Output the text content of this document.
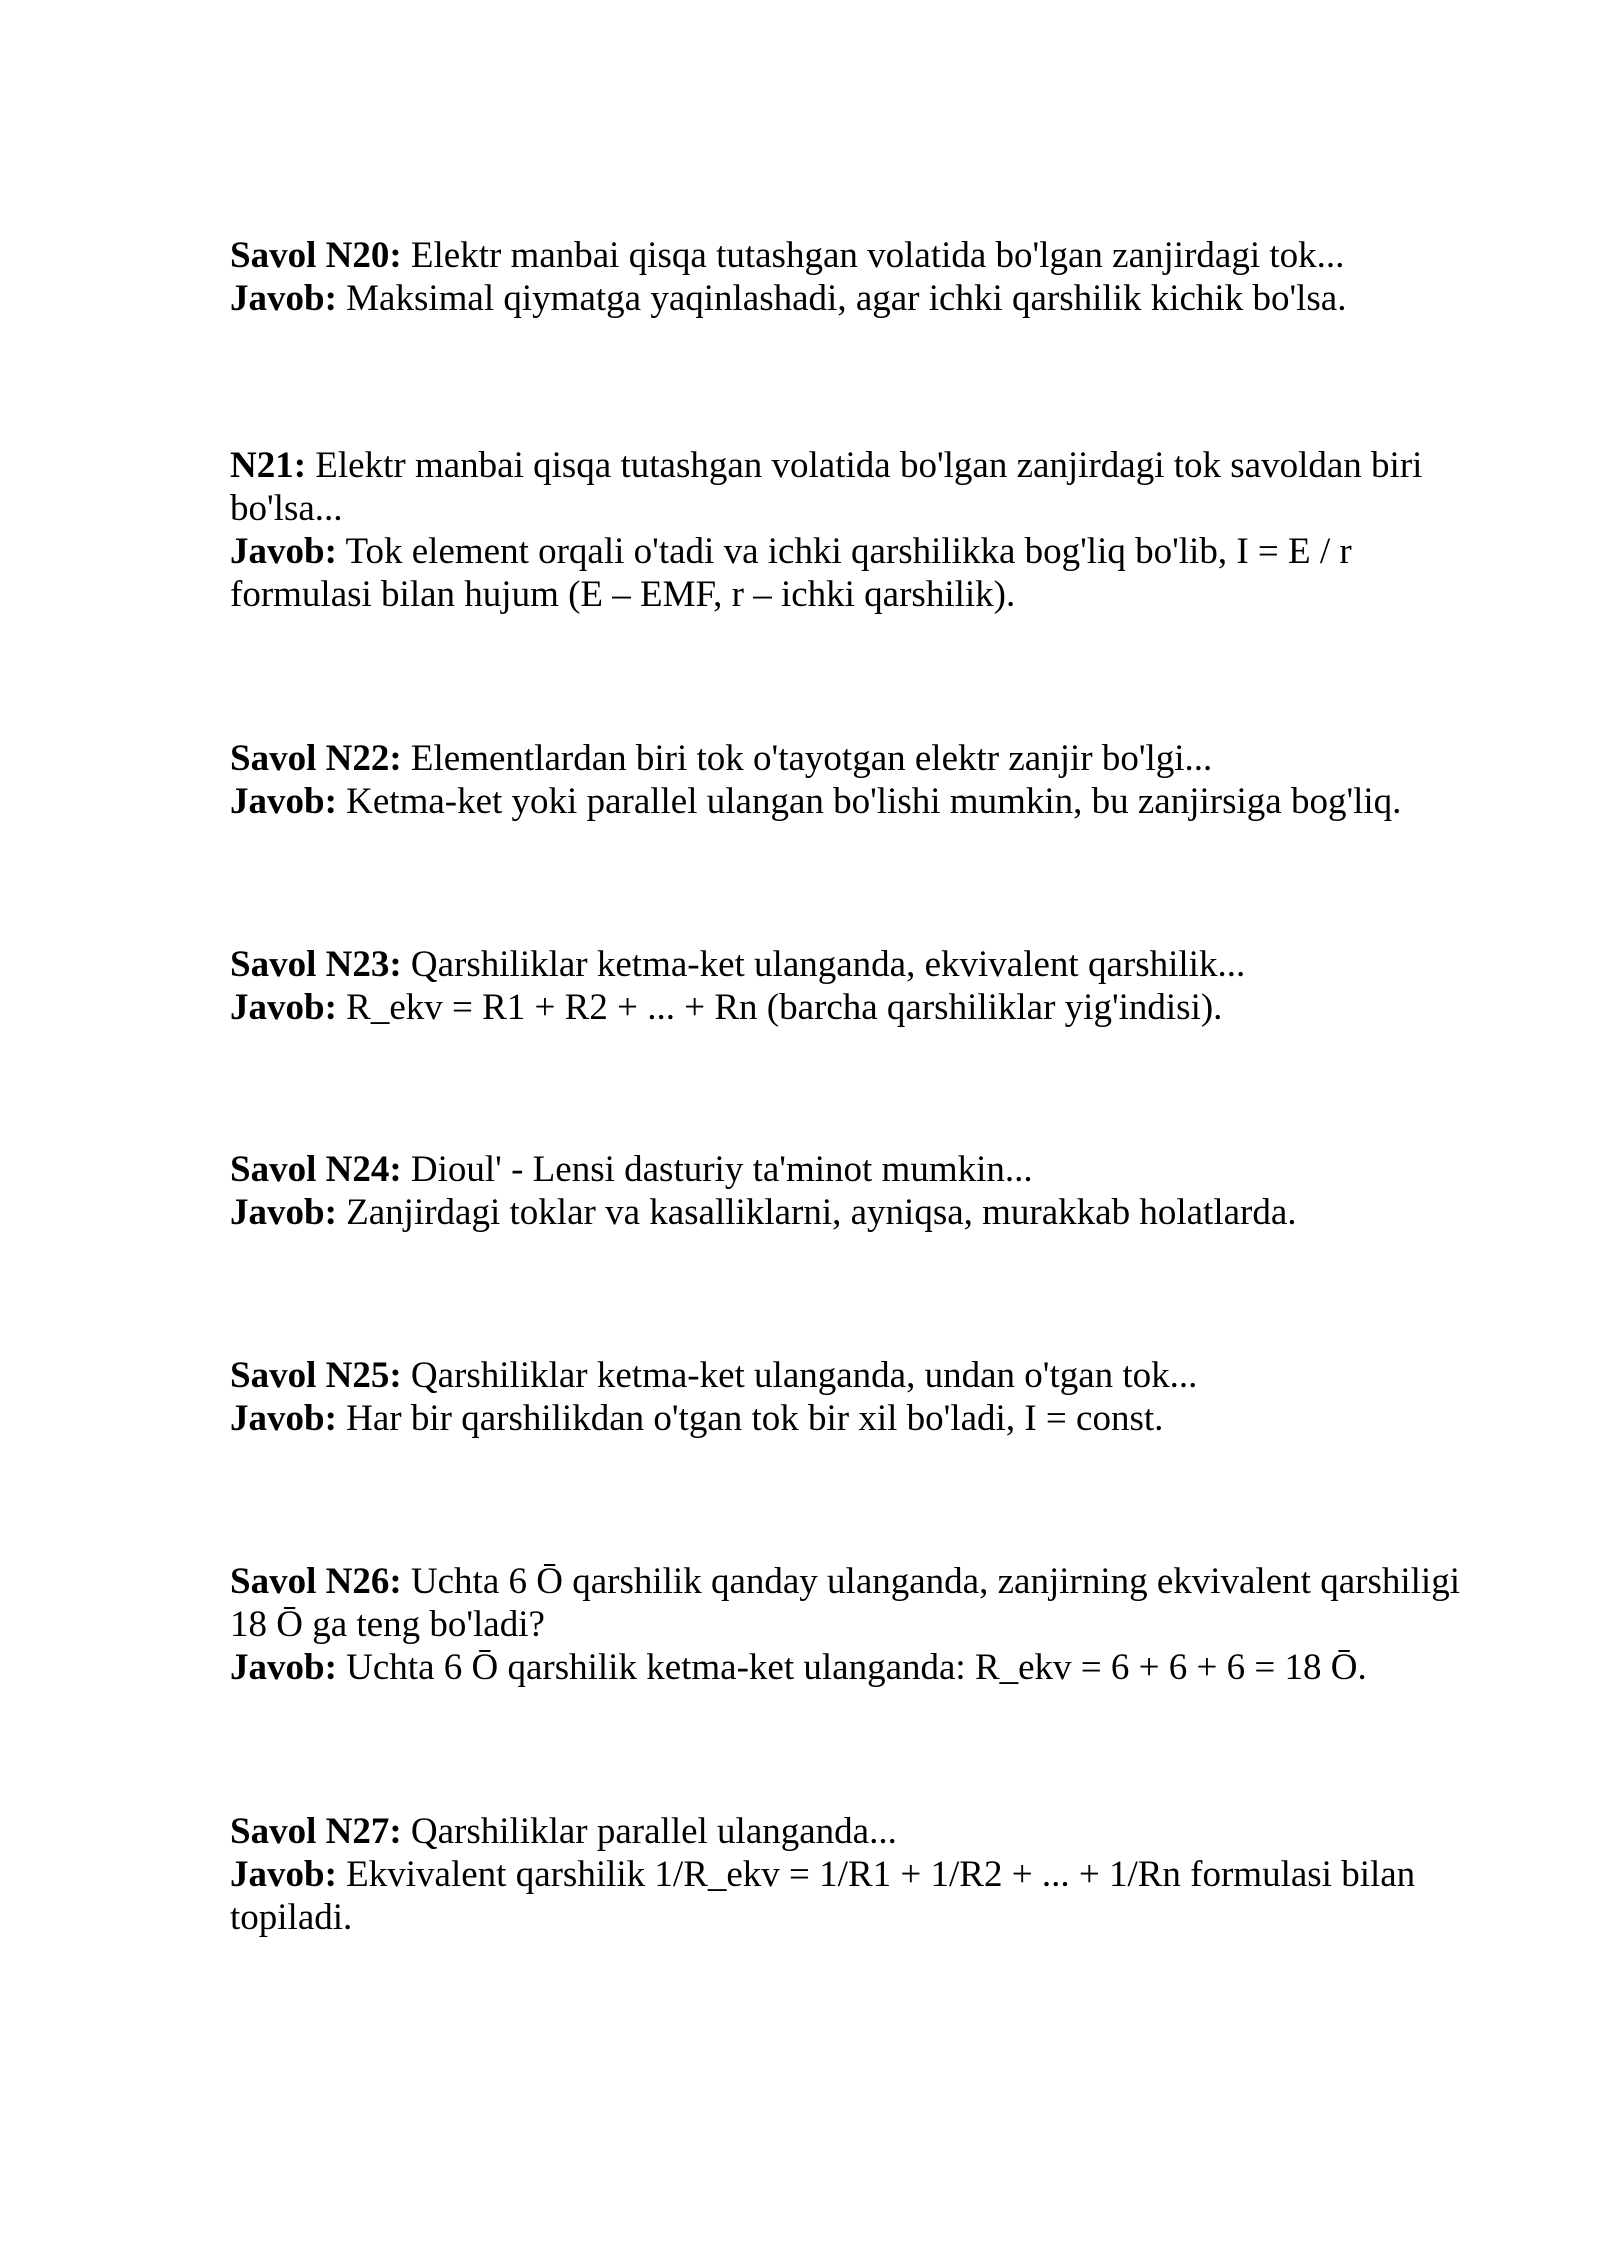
Savol N20: Elektr manbai qisqa tutashgan volatida bo'lgan zanjirdagi tok...

Javob: Maksimal qiymatga yaqinlashadi, agar ichki qarshilik kichik bo'lsa.

N21: Elektr manbai qisqa tutashgan volatida bo'lgan zanjirdagi tok savoldan biri bo'lsa...

Javob: Tok element orqali o'tadi va ichki qarshilikka bog'liq bo'lib, I = E / r formulasi bilan hujum (E – EMF, r – ichki qarshilik).

Savol N22: Elementlardan biri tok o'tayotgan elektr zanjir bo'lgi...

Javob: Ketma-ket yoki parallel ulangan bo'lishi mumkin, bu zanjirsiga bog'liq.

Savol N23: Qarshiliklar ketma-ket ulanganda, ekvivalent qarshilik...

Javob: R_ekv = R1 + R2 + ... + Rn (barcha qarshiliklar yig'indisi).

Savol N24: Dioul' - Lensi dasturiy ta'minot mumkin...

Javob: Zanjirdagi toklar va kasalliklarni, ayniqsa, murakkab holatlarda.

Savol N25: Qarshiliklar ketma-ket ulanganda, undan o'tgan tok...

Javob: Har bir qarshilikdan o'tgan tok bir xil bo'ladi, I = const.

Savol N26: Uchta 6 Ō qarshilik qanday ulanganda, zanjirning ekvivalent qarshiligi 18 Ō ga teng bo'ladi?

Javob: Uchta 6 Ō qarshilik ketma-ket ulanganda: R_ekv = 6 + 6 + 6 = 18 Ō.

Savol N27: Qarshiliklar parallel ulanganda...

Javob: Ekvivalent qarshilik 1/R_ekv = 1/R1 + 1/R2 + ... + 1/Rn formulasi bilan topiladi.
